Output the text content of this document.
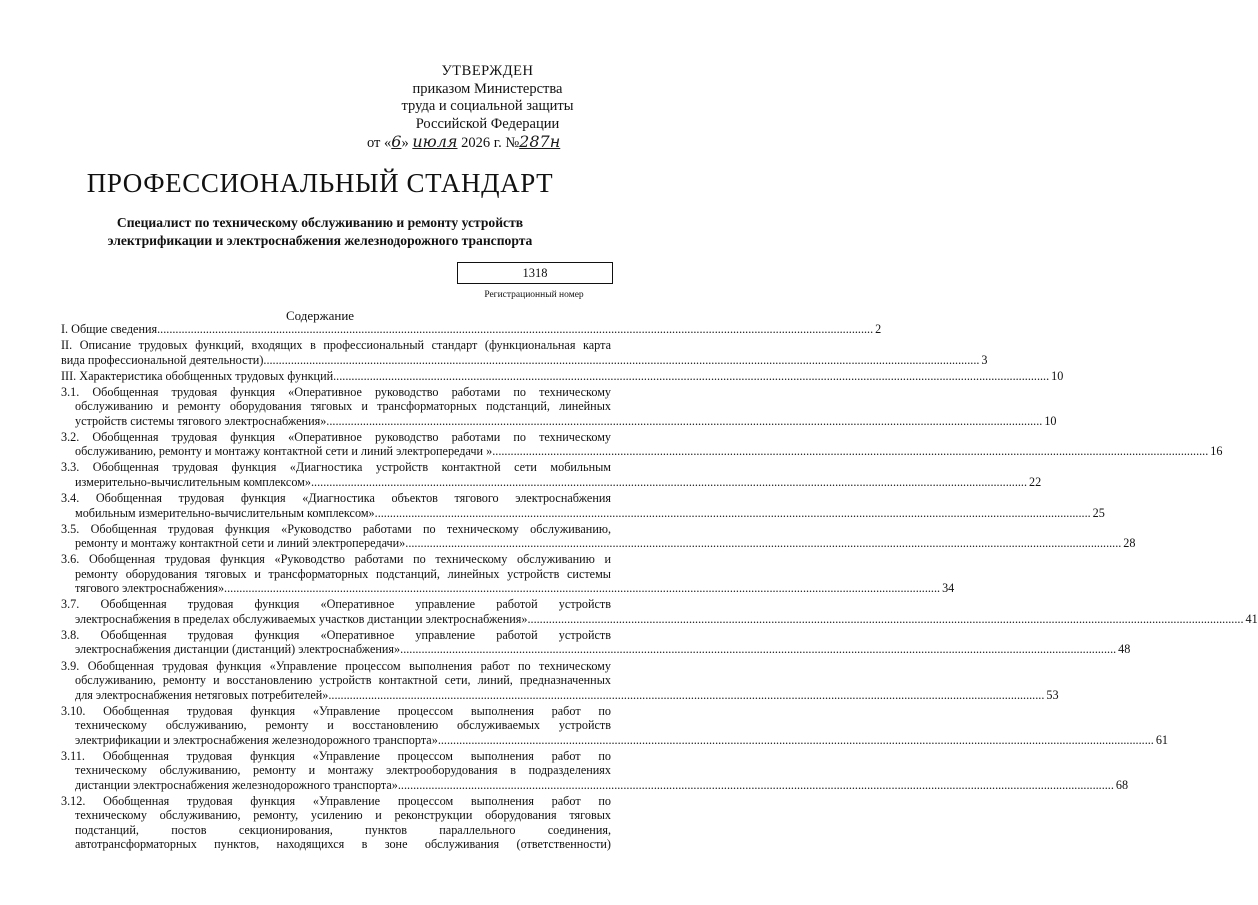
УТВЕРЖДЕН
приказом Министерства
труда и социальной защиты
Российской Федерации
от «6» июля 2026 г. №287н
ПРОФЕССИОНАЛЬНЫЙ СТАНДАРТ
Специалист по техническому обслуживанию и ремонту устройств
электрификации и электроснабжения железнодорожного транспорта
1318
Регистрационный номер
Содержание
I. Общие сведения .....	2
II. Описание трудовых функций, входящих в профессиональный стандарт (функциональная карта
вида профессиональной деятельности) .....	3
III. Характеристика обобщенных трудовых функций .....	10
3.1. Обобщенная трудовая функция «Оперативное руководство работами по техническому
обслуживанию и ремонту оборудования тяговых и трансформаторных подстанций, линейных
устройств системы тягового электроснабжения» .....	10
3.2. Обобщенная трудовая функция «Оперативное руководство работами по техническому
обслуживанию, ремонту и монтажу контактной сети и линий электропередачи » .....	16
3.3. Обобщенная трудовая функция «Диагностика устройств контактной сети мобильным
измерительно-вычислительным комплексом» .....	22
3.4. Обобщенная трудовая функция «Диагностика объектов тягового электроснабжения
мобильным измерительно-вычислительным комплексом» .....	25
3.5. Обобщенная трудовая функция «Руководство работами по техническому обслуживанию,
ремонту и монтажу контактной сети и линий электропередачи» .....	28
3.6. Обобщенная трудовая функция «Руководство работами по техническому обслуживанию и
ремонту оборудования тяговых и трансформаторных подстанций, линейных устройств системы
тягового электроснабжения» .....	34
3.7. Обобщенная трудовая функция «Оперативное управление работой устройств
электроснабжения в пределах обслуживаемых участков дистанции электроснабжения» .....	41
3.8. Обобщенная трудовая функция «Оперативное управление работой устройств
электроснабжения дистанции (дистанций) электроснабжения» .....	48
3.9. Обобщенная трудовая функция «Управление процессом выполнения работ по техническому
обслуживанию, ремонту и восстановлению устройств контактной сети, линий, предназначенных
для электроснабжения нетяговых потребителей» .....	53
3.10. Обобщенная трудовая функция «Управление процессом выполнения работ по
техническому обслуживанию, ремонту и восстановлению обслуживаемых устройств
электрификации и электроснабжения железнодорожного транспорта» .....	61
3.11. Обобщенная трудовая функция «Управление процессом выполнения работ по
техническому обслуживанию, ремонту и монтажу электрооборудования в подразделениях
дистанции электроснабжения железнодорожного транспорта» .....	68
3.12. Обобщенная трудовая функция «Управление процессом выполнения работ по
техническому обслуживанию, ремонту, усилению и реконструкции оборудования тяговых
подстанций, постов секционирования, пунктов параллельного соединения,
автотрансформаторных пунктов, находящихся в зоне обслуживания (ответственности)
